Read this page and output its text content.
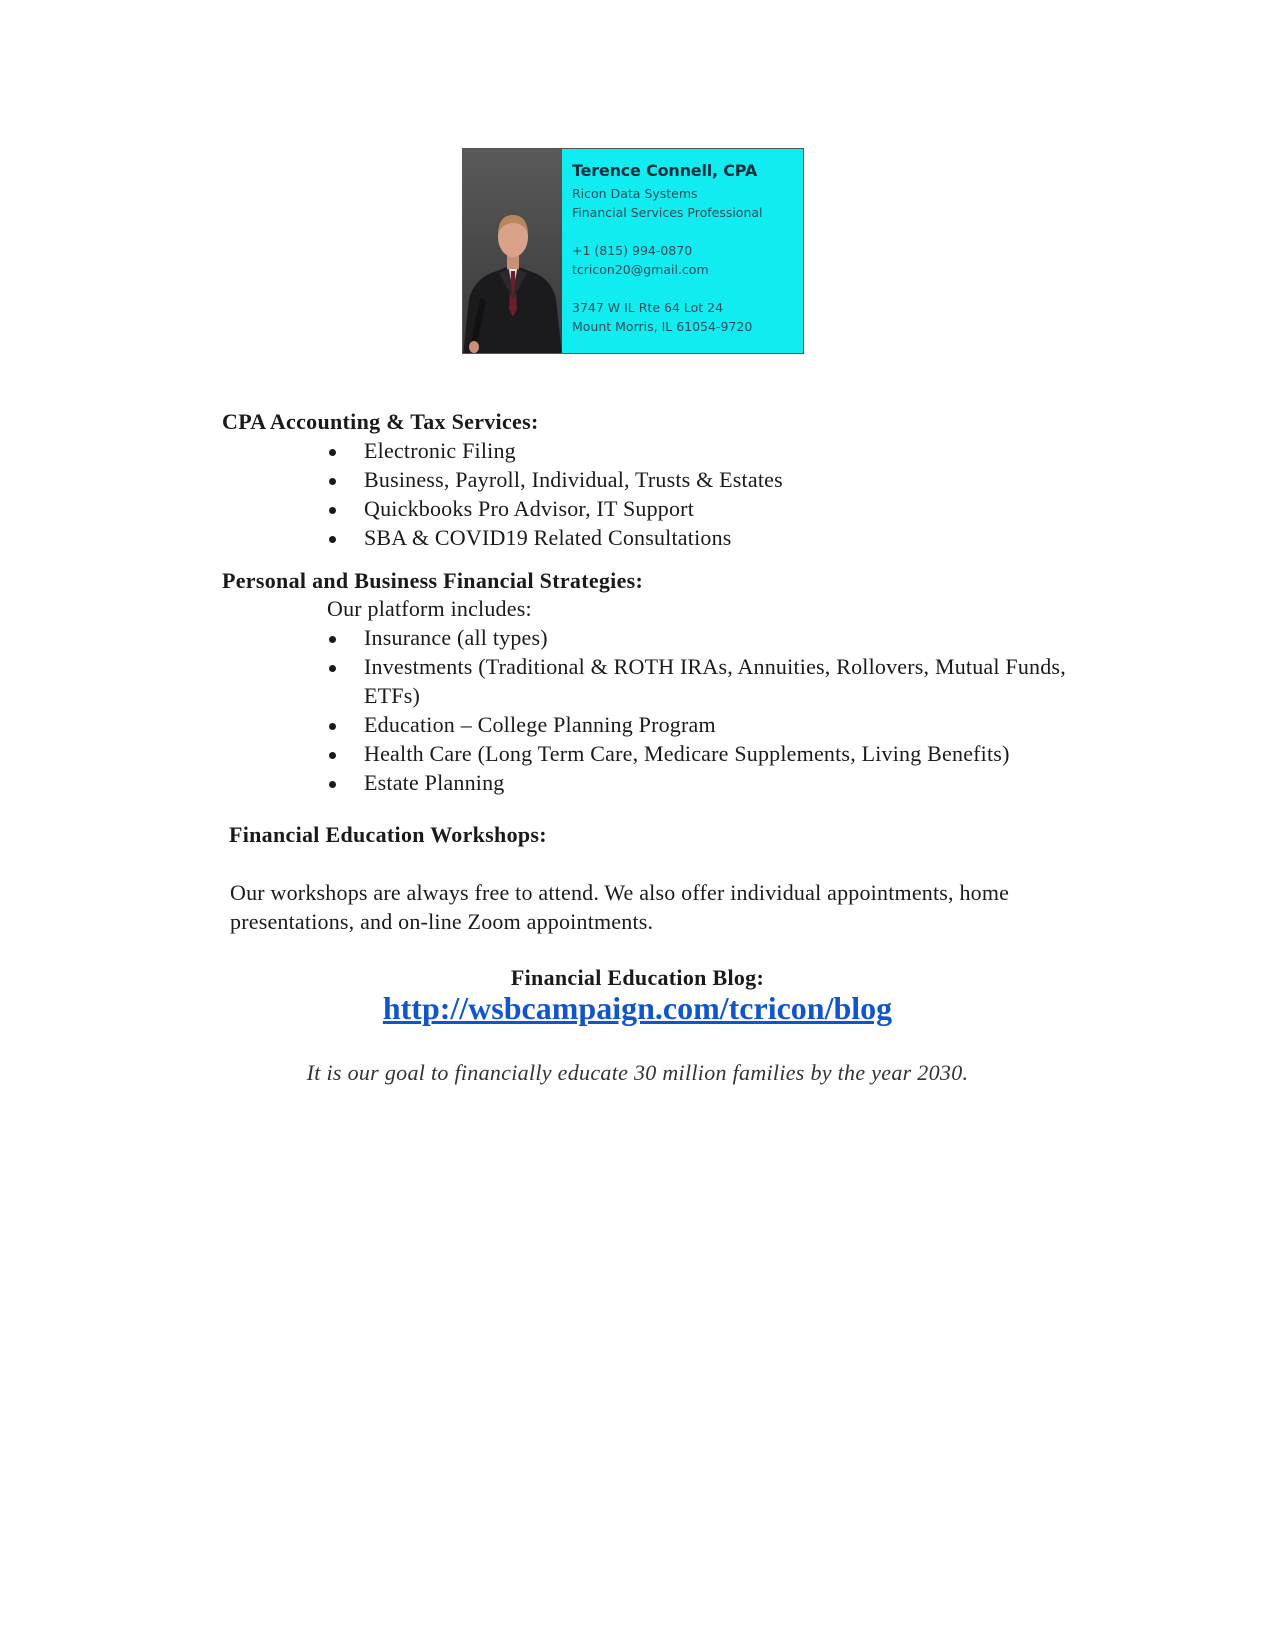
Terence Connell, CPA

Ricon Data Systems

Financial Services Professional

+1 (815) 994-0870

tcricon20@gmail.com

3747 W IL Rte 64 Lot 24

Mount Morris, IL 61054-9720

CPA Accounting & Tax Services:

Electronic Filing
Business, Payroll, Individual, Trusts & Estates
Quickbooks Pro Advisor, IT Support
SBA & COVID19 Related Consultations

Personal and Business Financial Strategies:

Our platform includes:

Insurance (all types)
Investments (Traditional & ROTH IRAs, Annuities, Rollovers, Mutual Funds, ETFs)
Education – College Planning Program
Health Care (Long Term Care, Medicare Supplements, Living Benefits)
Estate Planning

Financial Education Workshops:

Our workshops are always free to attend. We also offer individual appointments, home presentations, and on-line Zoom appointments.

Financial Education Blog:

http://wsbcampaign.com/tcricon/blog

It is our goal to financially educate 30 million families by the year 2030.
